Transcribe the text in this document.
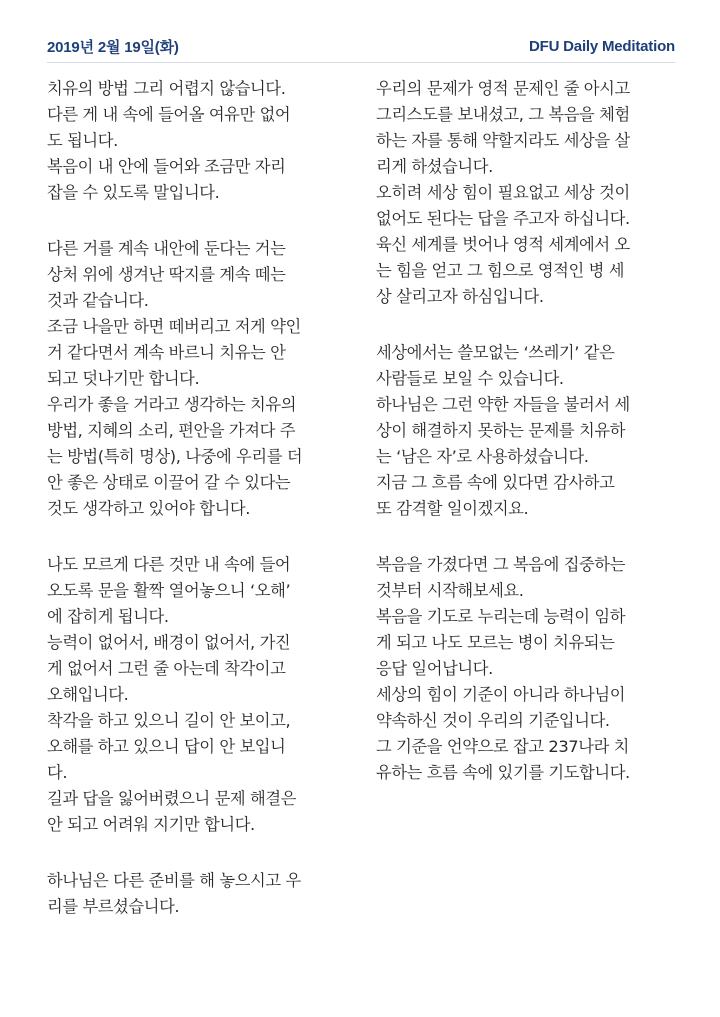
2019년 2월 19일(화)	DFU Daily Meditation
치유의 방법 그리 어렵지 않습니다.
다른 게 내 속에 들어올 여유만 없어
도 됩니다.
복음이 내 안에 들어와 조금만 자리
잡을 수 있도록 말입니다.
다른 거를 계속 내안에 둔다는 거는
상처 위에 생겨난 딱지를 계속 떼는
것과 같습니다.
조금 나을만 하면 떼버리고 저게 약인
거 같다면서 계속 바르니 치유는 안
되고 덧나기만 합니다.
우리가 좋을 거라고 생각하는 치유의
방법, 지혜의 소리, 편안을 가져다 주
는 방법(특히 명상), 나중에 우리를 더
안 좋은 상태로 이끌어 갈 수 있다는
것도 생각하고 있어야 합니다.
나도 모르게 다른 것만 내 속에 들어
오도록 문을 활짝 열어놓으니 ‘오해’
에 잡히게 됩니다.
능력이 없어서, 배경이 없어서, 가진
게 없어서 그런 줄 아는데 착각이고
오해입니다.
착각을 하고 있으니 길이 안 보이고,
오해를 하고 있으니 답이 안 보입니
다.
길과 답을 잃어버렸으니 문제 해결은
안 되고 어려워 지기만 합니다.
하나님은 다른 준비를 해 놓으시고 우
리를 부르셨습니다.
우리의 문제가 영적 문제인 줄 아시고
그리스도를 보내셨고, 그 복음을 체험
하는 자를 통해 약할지라도 세상을 살
리게 하셨습니다.
오히려 세상 힘이 필요없고 세상 것이
없어도 된다는 답을 주고자 하십니다.
육신 세계를 벗어나 영적 세계에서 오
는 힘을 얻고 그 힘으로 영적인 병 세
상 살리고자 하심입니다.
세상에서는 쓸모없는 ‘쓰레기’ 같은
사람들로 보일 수 있습니다.
하나님은 그런 약한 자들을 불러서 세
상이 해결하지 못하는 문제를 치유하
는 ‘남은 자’로 사용하셨습니다.
지금 그 흐름 속에 있다면 감사하고
또 감격할 일이겠지요.
복음을 가졌다면 그 복음에 집중하는
것부터 시작해보세요.
복음을 기도로 누리는데 능력이 임하
게 되고 나도 모르는 병이 치유되는
응답 일어납니다.
세상의 힘이 기준이 아니라 하나님이
약속하신 것이 우리의 기준입니다.
그 기준을 언약으로 잡고 237나라 치
유하는 흐름 속에 있기를 기도합니다.
